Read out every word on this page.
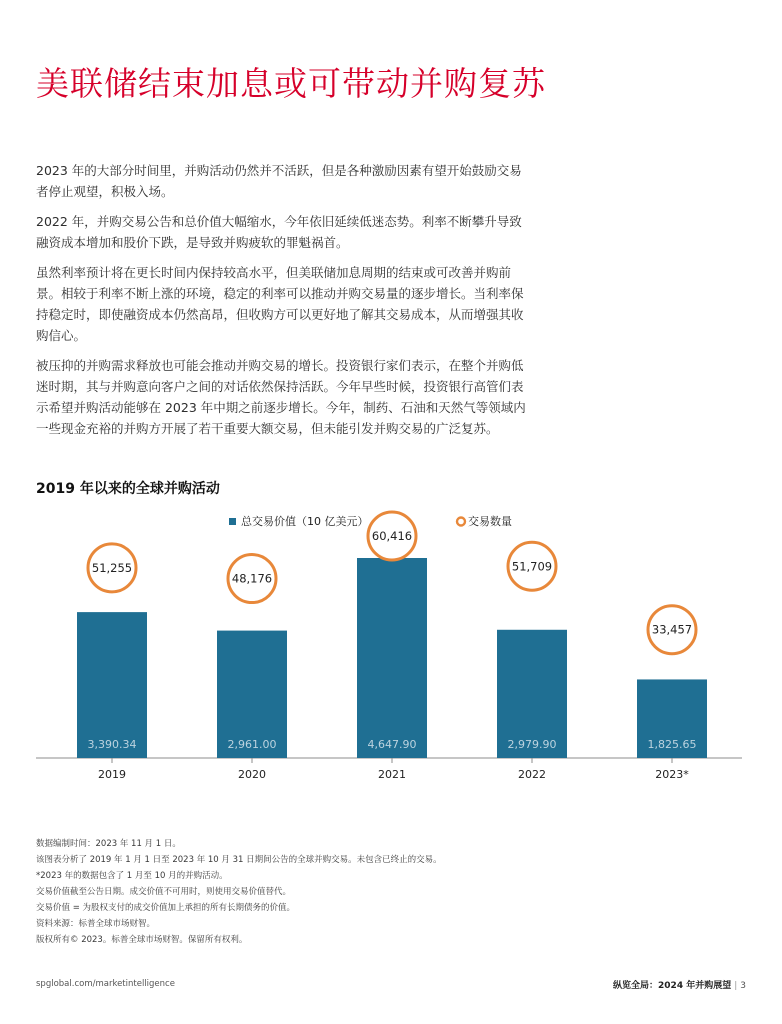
美联储结束加息或可带动并购复苏

2023 年的大部分时间里，并购活动仍然并不活跃，但是各种激励因素有望开始鼓励交易者停止观望，积极入场。

2022 年，并购交易公告和总价值大幅缩水，今年依旧延续低迷态势。利率不断攀升导致融资成本增加和股价下跌，是导致并购疲软的罪魁祸首。

虽然利率预计将在更长时间内保持较高水平，但美联储加息周期的结束或可改善并购前景。相较于利率不断上涨的环境，稳定的利率可以推动并购交易量的逐步增长。当利率保持稳定时，即使融资成本仍然高昂，但收购方可以更好地了解其交易成本，从而增强其收购信心。

被压抑的并购需求释放也可能会推动并购交易的增长。投资银行家们表示，在整个并购低迷时期，其与并购意向客户之间的对话依然保持活跃。今年早些时候，投资银行高管们表示希望并购活动能够在 2023 年中期之前逐步增长。今年，制药、石油和天然气等领域内一些现金充裕的并购方开展了若干重要大额交易，但未能引发并购交易的广泛复苏。

2019 年以来的全球并购活动
总交易价值（10 亿美元）	交易数量
3,390.34
2019
51,255
2,961.00
2020
48,176
4,647.90
2021
60,416
2,979.90
2022
51,709
1,825.65
2023*
33,457
数据编制时间：2023 年 11 月 1 日。
该图表分析了 2019 年 1 月 1 日至 2023 年 10 月 31 日期间公告的全球并购交易。未包含已终止的交易。
*2023 年的数据包含了 1 月至 10 月的并购活动。
交易价值截至公告日期。成交价值不可用时，则使用交易价值替代。
交易价值 = 为股权支付的成交价值加上承担的所有长期债务的价值。
资料来源：标普全球市场财智。
版权所有© 2023。标普全球市场财智。保留所有权利。
spglobal.com/marketintelligence	纵览全局：2024 年并购展望 | 3
